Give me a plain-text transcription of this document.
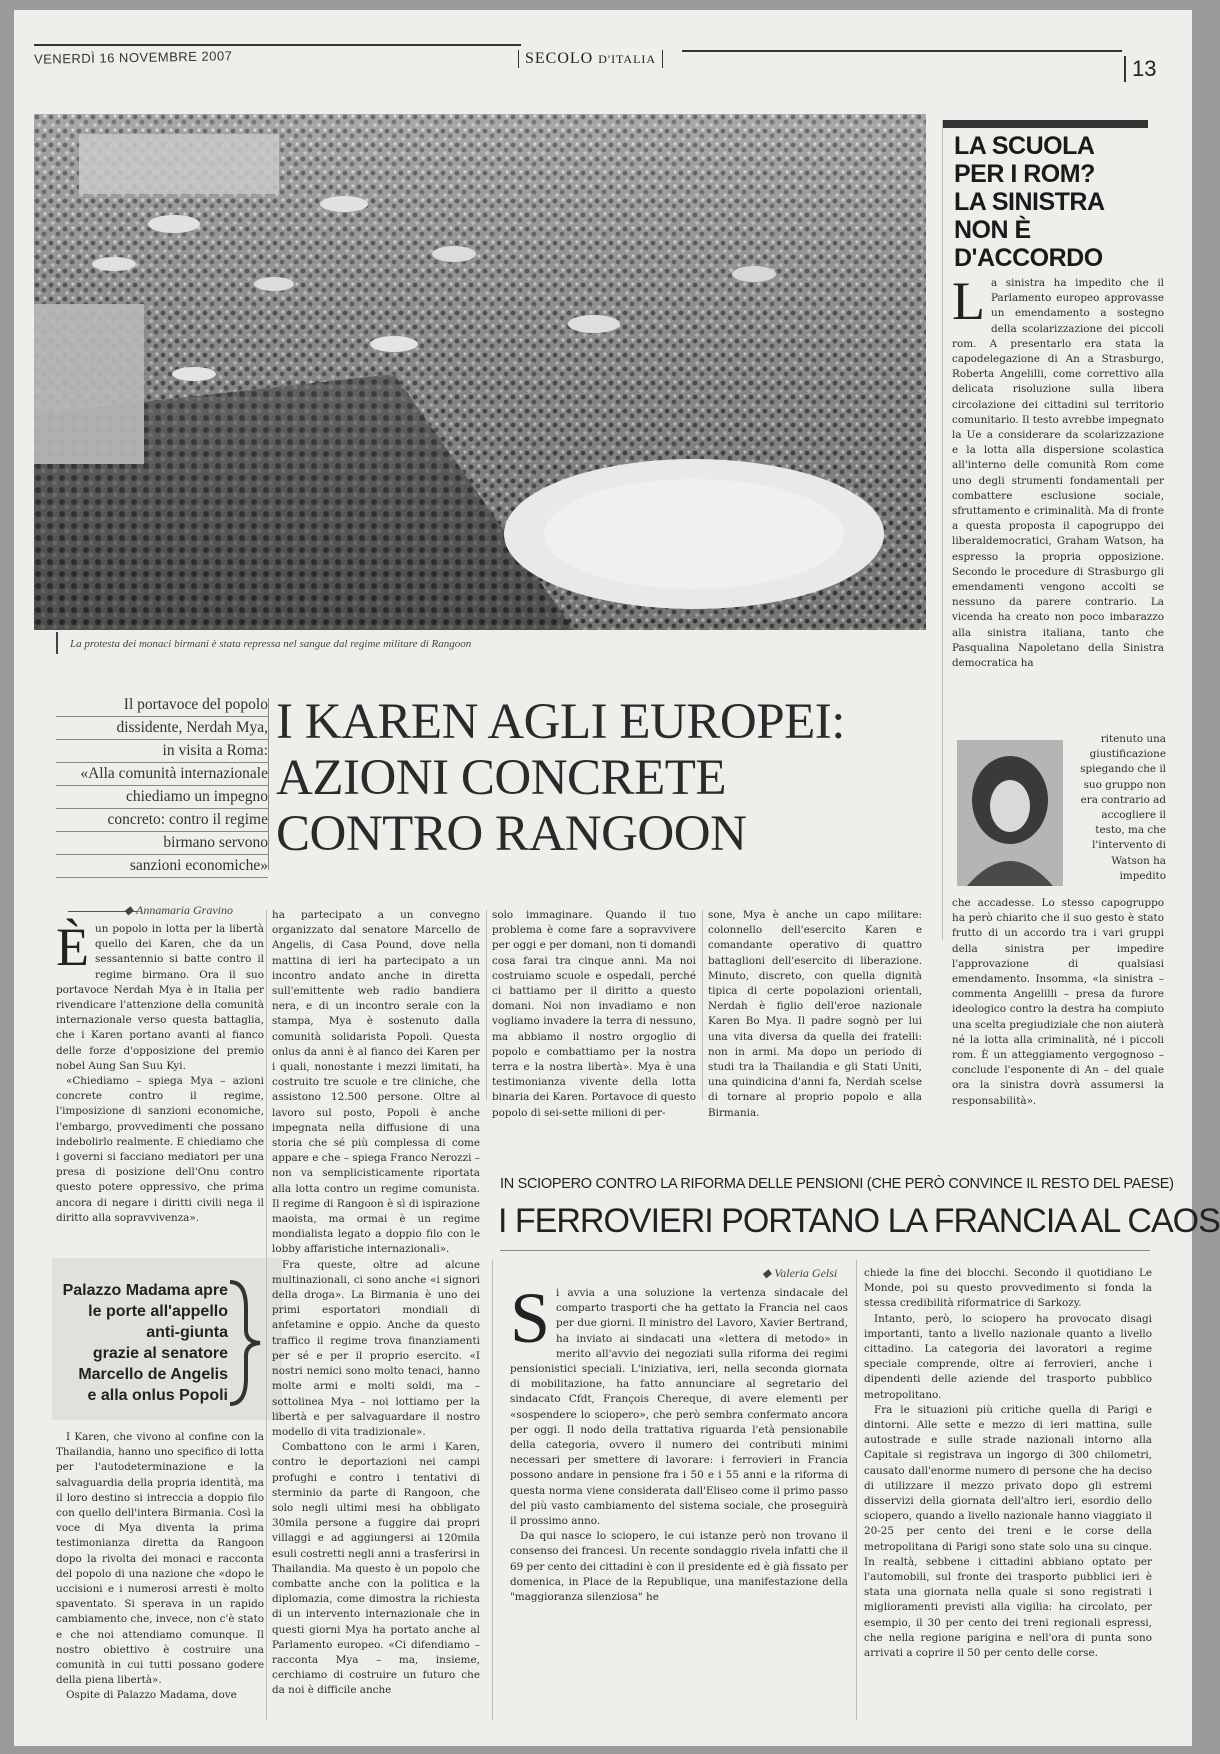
VENERDÌ 16 NOVEMBRE 2007	SECOLO D'ITALIA	13
La protesta dei monaci birmani è stata repressa nel sangue dal regime militare di Rangoon
LA SCUOLA
PER I ROM?
LA SINISTRA
NON È D'ACCORDO
La sinistra ha impedito che il Parlamento europeo approvasse un emendamento a sostegno della scolarizzazione dei piccoli rom. A presentarlo era stata la capodelegazione di An a Strasburgo, Roberta Angelilli, come correttivo alla delicata risoluzione sulla libera circolazione dei cittadini sul territorio comunitario. Il testo avrebbe impegnato la Ue a considerare da scolarizzazione e la lotta alla dispersione scolastica all'interno delle comunità Rom come uno degli strumenti fondamentali per combattere esclusione sociale, sfruttamento e criminalità. Ma di fronte a questa proposta il capogruppo dei liberaldemocratici, Graham Watson, ha espresso la propria opposizione. Secondo le procedure di Strasburgo gli emendamenti vengono accolti se nessuno da parere contrario. La vicenda ha creato non poco imbarazzo alla sinistra italiana, tanto che Pasqualina Napoletano della Sinistra democratica ha
ritenuto una giustificazione spiegando che il suo gruppo non era contrario ad accogliere il testo, ma che l'intervento di Watson ha impedito
che accadesse. Lo stesso capogruppo ha però chiarito che il suo gesto è stato frutto di un accordo tra i vari gruppi della sinistra per impedire l'approvazione di qualsiasi emendamento. Insomma, «la sinistra – commenta Angelilli – presa da furore ideologico contro la destra ha compiuto una scelta pregiudiziale che non aiuterà né la lotta alla criminalità, né i piccoli rom. È un atteggiamento vergognoso – conclude l'esponente di An – del quale ora la sinistra dovrà assumersi la responsabilità».
Il portavoce del popolo
dissidente, Nerdah Mya,
in visita a Roma:
«Alla comunità internazionale
chiediamo un impegno
concreto: contro il regime
birmano servono
sanzioni economiche»
I KAREN AGLI EUROPEI:
AZIONI CONCRETE
CONTRO RANGOON
◆ Annamaria Gravino
Èun popolo in lotta per la libertà quello dei Karen, che da un sessantennio si batte contro il regime birmano. Ora il suo portavoce Nerdah Mya è in Italia per rivendicare l'attenzione della comunità internazionale verso questa battaglia, che i Karen portano avanti al fianco delle forze d'opposizione del premio nobel Aung San Suu Kyi.

«Chiediamo – spiega Mya – azioni concrete contro il regime, l'imposizione di sanzioni economiche, l'embargo, provvedimenti che possano indebolirlo realmente. E chiediamo che i governi si facciano mediatori per una presa di posizione dell'Onu contro questo potere oppressivo, che prima ancora di negare i diritti civili nega il diritto alla sopravvivenza».

Palazzo Madama apre
le porte all'appello
anti-giunta
grazie al senatore
Marcello de Angelis
e alla onlus Popoli

I Karen, che vivono al confine con la Thailandia, hanno uno specifico di lotta per l'autodeterminazione e la salvaguardia della propria identità, ma il loro destino si intreccia a doppio filo con quello dell'intera Birmania. Così la voce di Mya diventa la prima testimonianza diretta da Rangoon dopo la rivolta dei monaci e racconta del popolo di una nazione che «dopo le uccisioni e i numerosi arresti è molto spaventato. Si sperava in un rapido cambiamento che, invece, non c'è stato e che noi attendiamo comunque. Il nostro obiettivo è costruire una comunità in cui tutti possano godere della piena libertà».

Ospite di Palazzo Madama, dove

ha partecipato a un convegno organizzato dal senatore Marcello de Angelis, di Casa Pound, dove nella mattina di ieri ha partecipato a un incontro andato anche in diretta sull'emittente web radio bandiera nera, e di un incontro serale con la stampa, Mya è sostenuto dalla comunità solidarista Popoli. Questa onlus da anni è al fianco dei Karen per i quali, nonostante i mezzi limitati, ha costruito tre scuole e tre cliniche, che assistono 12.500 persone. Oltre al lavoro sul posto, Popoli è anche impegnata nella diffusione di una storia che sé più complessa di come appare e che – spiega Franco Nerozzi – non va semplicisticamente riportata alla lotta contro un regime comunista. Il regime di Rangoon è sì di ispirazione maoista, ma ormai è un regime mondialista legato a doppio filo con le lobby affaristiche internazionali».

Fra queste, oltre ad alcune multinazionali, ci sono anche «i signori della droga». La Birmania è uno dei primi esportatori mondiali di anfetamine e oppio. Anche da questo traffico il regime trova finanziamenti per sé e per il proprio esercito. «I nostri nemici sono molto tenaci, hanno molte armi e molti soldi, ma – sottolinea Mya – noi lottiamo per la libertà e per salvaguardare il nostro modello di vita tradizionale».

Combattono con le armi i Karen, contro le deportazioni nei campi profughi e contro i tentativi di sterminio da parte di Rangoon, che solo negli ultimi mesi ha obbligato 30mila persone a fuggire dai propri villaggi e ad aggiungersi ai 120mila esuli costretti negli anni a trasferirsi in Thailandia. Ma questo è un popolo che combatte anche con la politica e la diplomazia, come dimostra la richiesta di un intervento internazionale che in questi giorni Mya ha portato anche al Parlamento europeo. «Ci difendiamo – racconta Mya – ma, insieme, cerchiamo di costruire un futuro che da noi è difficile anche

solo immaginare. Quando il tuo problema è come fare a sopravvivere per oggi e per domani, non ti domandi cosa farai tra cinque anni. Ma noi costruiamo scuole e ospedali, perché ci battiamo per il diritto a questo domani. Noi non invadiamo e non vogliamo invadere la terra di nessuno, ma abbiamo il nostro orgoglio di popolo e combattiamo per la nostra terra e la nostra libertà». Mya è una testimonianza vivente della lotta binaria dei Karen. Portavoce di questo popolo di sei-sette milioni di per-

sone, Mya è anche un capo militare: colonnello dell'esercito Karen e comandante operativo di quattro battaglioni dell'esercito di liberazione. Minuto, discreto, con quella dignità tipica di certe popolazioni orientali, Nerdah è figlio dell'eroe nazionale Karen Bo Mya. Il padre sognò per lui una vita diversa da quella dei fratelli: non in armi. Ma dopo un periodo di studi tra la Thailandia e gli Stati Uniti, una quindicina d'anni fa, Nerdah scelse di tornare al proprio popolo e alla Birmania.

IN SCIOPERO CONTRO LA RIFORMA DELLE PENSIONI (CHE PERÒ CONVINCE IL RESTO DEL PAESE)
I FERROVIERI PORTANO LA FRANCIA AL CAOS
◆ Valeria Gelsi
Si avvia a una soluzione la vertenza sindacale del comparto trasporti che ha gettato la Francia nel caos per due giorni. Il ministro del Lavoro, Xavier Bertrand, ha inviato ai sindacati una «lettera di metodo» in merito all'avvio dei negoziati sulla riforma dei regimi pensionistici speciali. L'iniziativa, ieri, nella seconda giornata di mobilitazione, ha fatto annunciare al segretario del sindacato Cfdt, François Chereque, di avere elementi per «sospendere lo sciopero», che però sembra confermato ancora per oggi. Il nodo della trattativa riguarda l'età pensionabile della categoria, ovvero il numero dei contributi minimi necessari per smettere di lavorare: i ferrovieri in Francia possono andare in pensione fra i 50 e i 55 anni e la riforma di questa norma viene considerata dall'Eliseo come il primo passo del più vasto cambiamento del sistema sociale, che proseguirà il prossimo anno.

Da qui nasce lo sciopero, le cui istanze però non trovano il consenso dei francesi. Un recente sondaggio rivela infatti che il 69 per cento dei cittadini è con il presidente ed è già fissato per domenica, in Place de la Republique, una manifestazione della "maggioranza silenziosa" he

chiede la fine dei blocchi. Secondo il quotidiano Le Monde, poi su questo provvedimento si fonda la stessa credibilità riformatrice di Sarkozy.

Intanto, però, lo sciopero ha provocato disagi importanti, tanto a livello nazionale quanto a livello cittadino. La categoria dei lavoratori a regime speciale comprende, oltre ai ferrovieri, anche i dipendenti delle aziende del trasporto pubblico metropolitano.

Fra le situazioni più critiche quella di Parigi e dintorni. Alle sette e mezzo di ieri mattina, sulle autostrade e sulle strade nazionali intorno alla Capitale si registrava un ingorgo di 300 chilometri, causato dall'enorme numero di persone che ha deciso di utilizzare il mezzo privato dopo gli estremi disservizi della giornata dell'altro ieri, esordio dello sciopero, quando a livello nazionale hanno viaggiato il 20-25 per cento dei treni e le corse della metropolitana di Parigi sono state solo una su cinque. In realtà, sebbene i cittadini abbiano optato per l'automobili, sul fronte dei trasporto pubblici ieri è stata una giornata nella quale si sono registrati i miglioramenti previsti alla vigilia: ha circolato, per esempio, il 30 per cento dei treni regionali espressi, che nella regione parigina e nell'ora di punta sono arrivati a coprire il 50 per cento delle corse.
